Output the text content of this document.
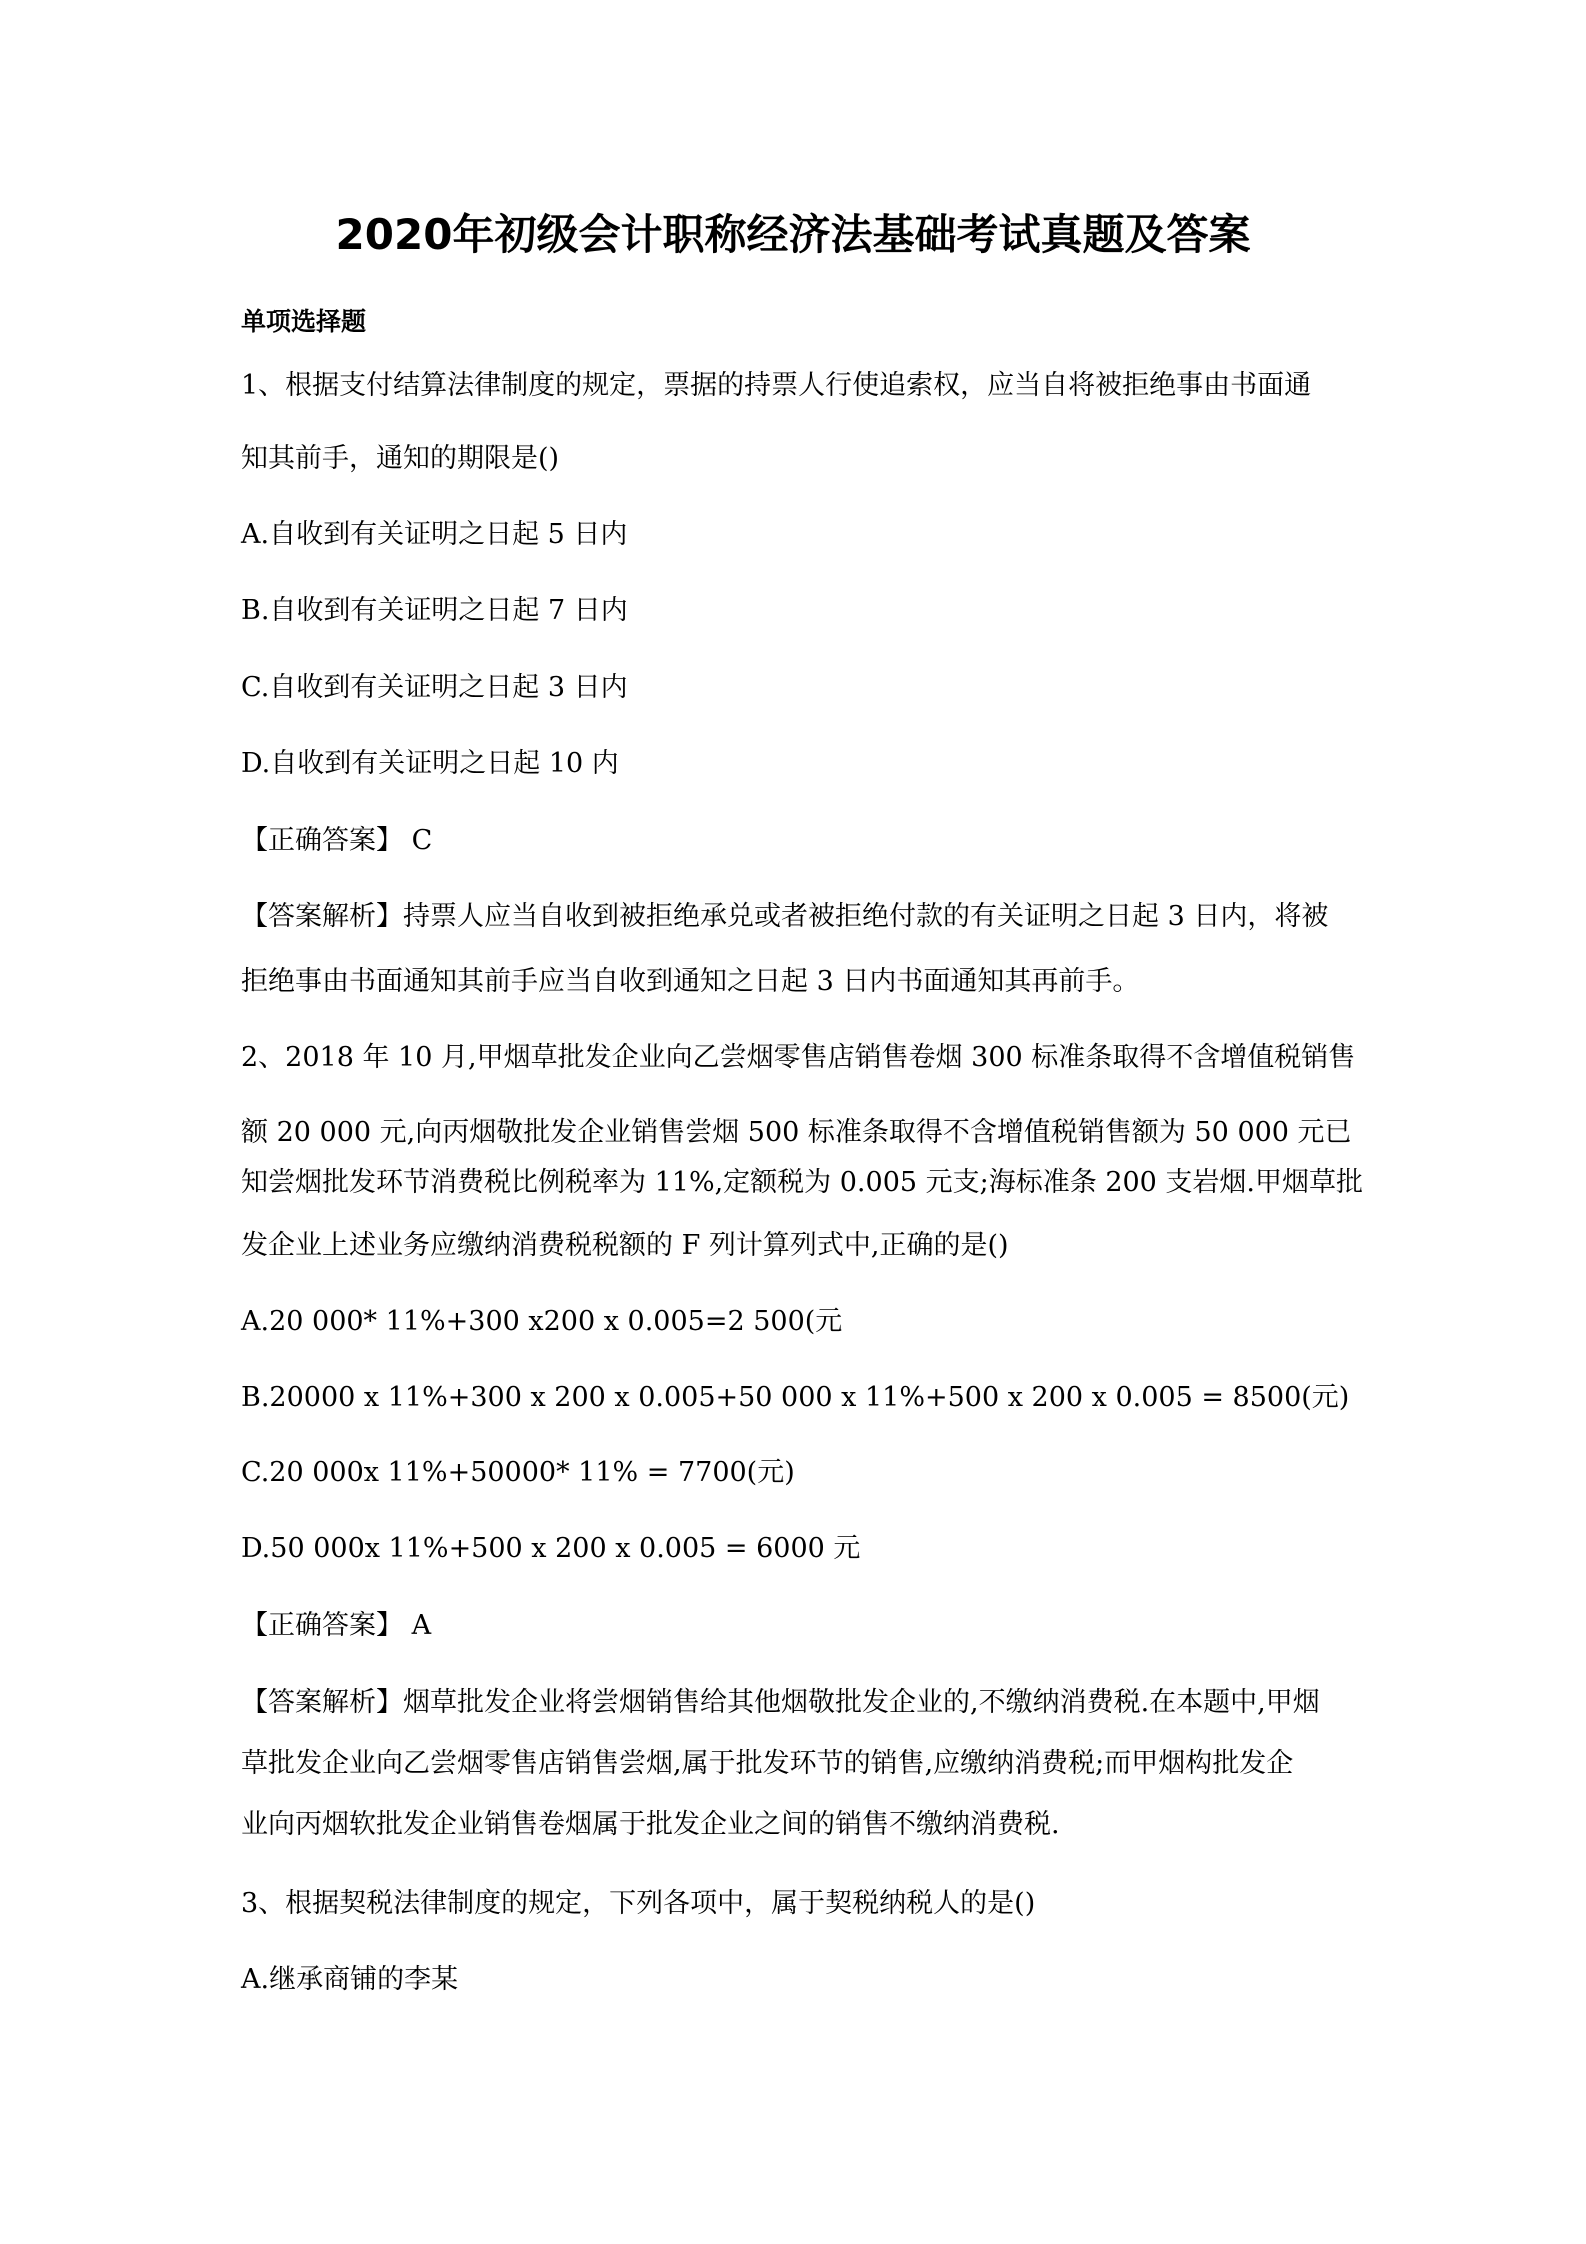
2020年初级会计职称经济法基础考试真题及答案
单项选择题

1、根据支付结算法律制度的规定，票据的持票人行使追索权，应当自将被拒绝事由书面通

知其前手，通知的期限是()

A.自收到有关证明之日起 5 日内

B.自收到有关证明之日起 7 日内

C.自收到有关证明之日起 3 日内

D.自收到有关证明之日起 10 内

【正确答案】 C

【答案解析】持票人应当自收到被拒绝承兑或者被拒绝付款的有关证明之日起 3 日内，将被

拒绝事由书面通知其前手应当自收到通知之日起 3 日内书面通知其再前手。

2、2018 年 10 月,甲烟草批发企业向乙尝烟零售店销售卷烟 300 标准条取得不含增值税销售

额 20 000 元,向丙烟敬批发企业销售尝烟 500 标准条取得不含增值税销售额为 50 000 元已

知尝烟批发环节消费税比例税率为 11%,定额税为 0.005 元支;海标准条 200 支岩烟.甲烟草批

发企业上述业务应缴纳消费税税额的 F 列计算列式中,正确的是()

A.20 000* 11%+300 x200 x 0.005=2 500(元

B.20000 x 11%+300 x 200 x 0.005+50 000 x 11%+500 x 200 x 0.005 = 8500(元)

C.20 000x 11%+50000* 11% = 7700(元)

D.50 000x 11%+500 x 200 x 0.005 = 6000 元

【正确答案】 A

【答案解析】烟草批发企业将尝烟销售给其他烟敬批发企业的,不缴纳消费税.在本题中,甲烟

草批发企业向乙尝烟零售店销售尝烟,属于批发环节的销售,应缴纳消费税;而甲烟构批发企

业向丙烟软批发企业销售卷烟属于批发企业之间的销售不缴纳消费税.

3、根据契税法律制度的规定，下列各项中，属于契税纳税人的是()

A.继承商铺的李某
